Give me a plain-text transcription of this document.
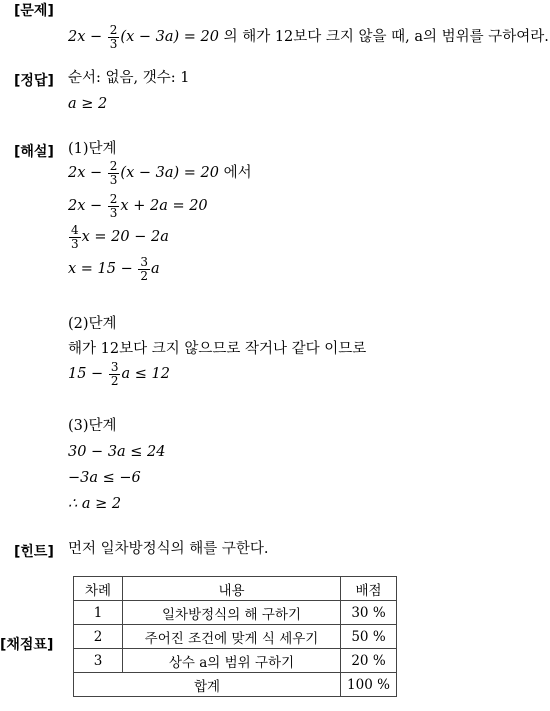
[문제]
$2x - \frac{2}{3} (x - 3a) = 20$ 의 해가 12보다 크지 않을 때, a의 범위를 구하여라.
[정답] 순서: 없음, 갯수: 1
a ≥ 2
[해설] (1)단계
$2x - \frac{2}{3} (x - 3a) = 20$ 에서
$2x - \frac{2}{3}$ x + 2a = 20
$\frac{4}{3}$ x = 20 − 2a
$x = 15 - \frac{3}{2}$ a
(2)단계
해가 12보다 크지 않으므로 작거나 같다 이므로
$15 - \frac{3}{2}$ a ≤ 12
(3)단계
30 − 3a ≤ 24
−3a ≤ −6
∴ a ≥ 2
[힌트] 먼저 일차방정식의 해를 구한다.
[채점표]
차례	내용	배점
1	일차방정식의 해 구하기	30 %
2	주어진 조건에 맞게 식 세우기	50 %
3	상수 a의 범위 구하기	20 %
합계		100 %
